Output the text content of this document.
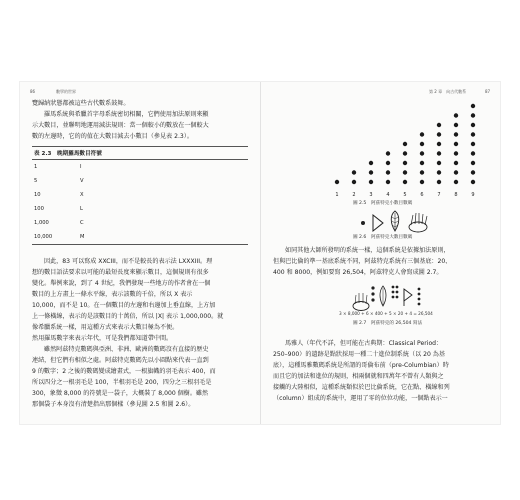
86	數學的世界
覽歸納狀態都被這些古代數系鼓舞。
羅馬系統與希臘首字母系統密切相關，它們使用加法原則來顯
示大數目，並聯明地運用減法規則：當一個較小的數放在一個較大
數的左邊時，它的的值在大數目減去小數目（參見表 2.3）。
表 2.3　晚期羅馬數目符號
1	I
5	V
10	X
100	L
1,000	C
10,000	M
因此，83 可以寫成 XXCIII，而不是較長的表示法 LXXXIII。理
想的數目語法要求以可能的最短長度來顯示數目，這個規則有很多
變化。舉例來說，到了 4 世紀，我們發現一些地方的作者會在一個
數目的上方畫上一條水平線，表示該數的千倍，所以 X 表示
10,000，而不是 10。在一個數目的左邊和右邊加上垂直線，上方加
上一條橫線，表示的是該數目的十萬倍，所以 |X| 表示 1,000,000。就
像希臘系統一樣，用這種方式來表示大數目極為不便。
然用羅馬數字來表示年代，可是我們都知道帶中間。
雖然阿茲特克數碼與亞洲、非洲、歐洲的數碼沒有直接的歷史
連結，但它們有相似之處。阿茲特克數碼先以小圓點來代表一直到
9 的數字；2 之後的數碼變成繪畫式，一根旗幟的羽毛表示 400，而
所以四分之一根羽毛是 100，半根羽毛是 200，四分之三根羽毛是
300，象徵 8,000 的符號是一袋子，大概裝了 8,000 個樹。雖然
那個袋子本身沒有清楚指出那個樣（參見圖 2.5 和圖 2.6）。
第 2 章　向古代數系	87
1	2	3	4	5	6	7	8	9
圖 2.5　阿茲特克小數目數碼
圖 2.6　阿茲特克大數目數碼
如同其他大師所發明的系統一樣，這個系統是依據加法原則，
但與巴比倫的準一基底系統不同，阿茲特克系統有三個基底：20、
400 和 8000，例如要寫 26,504，阿茲特克人會寫成圖 2.7。
3 × 8,000 + 6 × 400 + 5 × 20 + 4 = 26,504
圖 2.7　阿茲特克的 26,504 寫法
馬雅人（年代不詳，但可能在古典期：Classical Period：
250–900）的遺跡是點狀採用一種二十進位制系統（以 20 為基
底），這種馬雅數碼系統是所謂的哥倫布前（pre-Columbian）時
而且它的加法和進位的規則，相兩個就和四萬年不曾有人類與之
接觸的大陸相似，這種系統類似於巴比倫系統，它在點、橫線和列
（column）組成的系統中，運用了零的位位功能，一個點表示一
